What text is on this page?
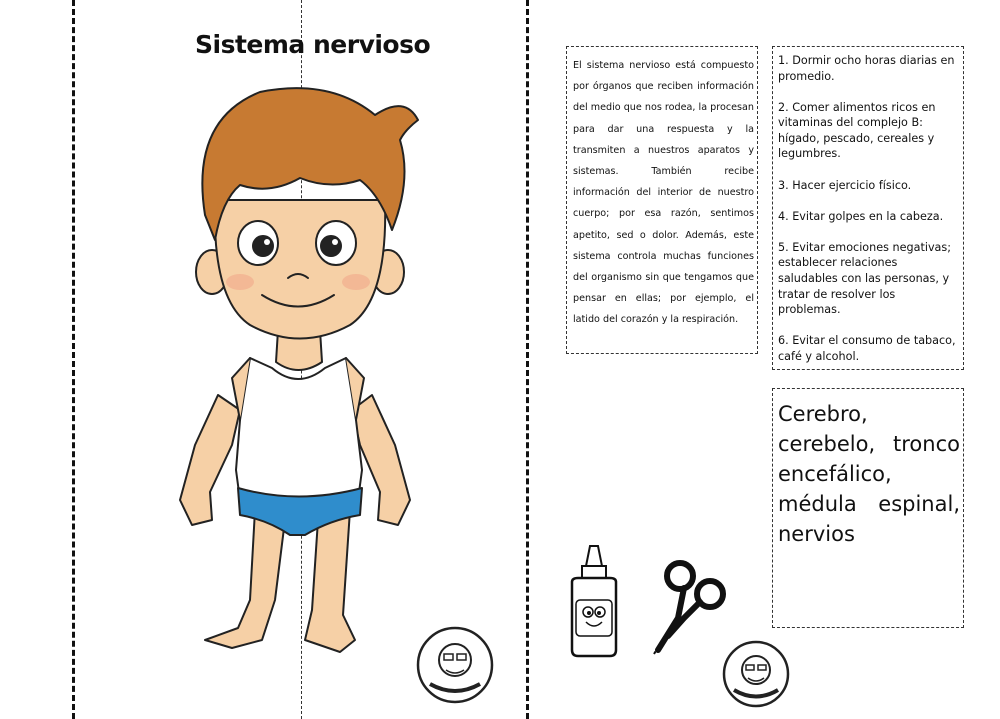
Sistema nervioso
El sistema nervioso está compuesto por órganos que reciben información del medio que nos rodea, la procesan para dar una respuesta y la transmiten a nuestros aparatos y sistemas. También recibe información del interior de nuestro cuerpo; por esa razón, sentimos apetito, sed o dolor. Además, este sistema controla muchas funciones del organismo sin que tengamos que pensar en ellas; por ejemplo, el latido del corazón y la respiración.
1. Dormir ocho horas diarias en promedio.
2. Comer alimentos ricos en vitaminas del complejo B: hígado, pescado, cereales y legumbres.
3. Hacer ejercicio físico.
4. Evitar golpes en la cabeza.
5. Evitar emociones negativas; establecer relaciones saludables con las personas, y tratar de resolver los problemas.
6. Evitar el consumo de tabaco, café y alcohol.
Cerebro, cerebelo, tronco encefálico, médula espinal, nervios
